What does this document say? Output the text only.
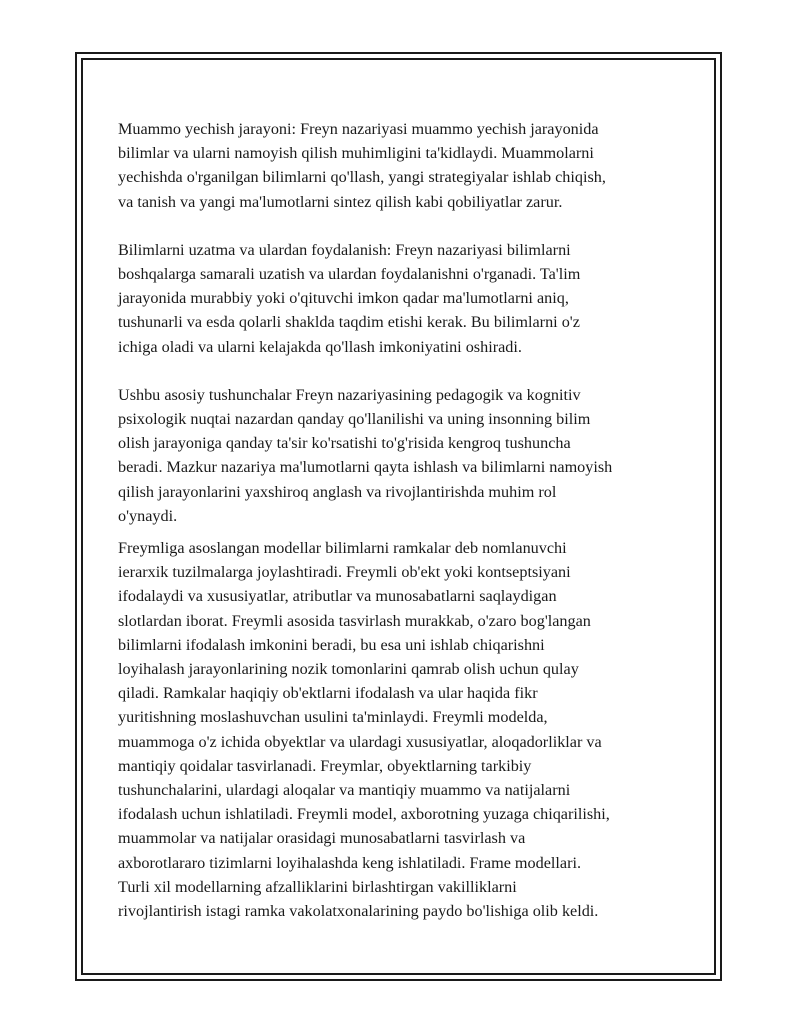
Muammo yechish jarayoni: Freyn nazariyasi muammo yechish jarayonida
bilimlar va ularni namoyish qilish muhimligini ta'kidlaydi. Muammolarni
yechishda o'rganilgan bilimlarni qo'llash, yangi strategiyalar ishlab chiqish,
va tanish va yangi ma'lumotlarni sintez qilish kabi qobiliyatlar zarur.

Bilimlarni uzatma va ulardan foydalanish: Freyn nazariyasi bilimlarni
boshqalarga samarali uzatish va ulardan foydalanishni o'rganadi. Ta'lim
jarayonida murabbiy yoki o'qituvchi imkon qadar ma'lumotlarni aniq,
tushunarli va esda qolarli shaklda taqdim etishi kerak. Bu bilimlarni o'z
ichiga oladi va ularni kelajakda qo'llash imkoniyatini oshiradi.

Ushbu asosiy tushunchalar Freyn nazariyasining pedagogik va kognitiv
psixologik nuqtai nazardan qanday qo'llanilishi va uning insonning bilim
olish jarayoniga qanday ta'sir ko'rsatishi to'g'risida kengroq tushuncha
beradi. Mazkur nazariya ma'lumotlarni qayta ishlash va bilimlarni namoyish
qilish jarayonlarini yaxshiroq anglash va rivojlantirishda muhim rol
o'ynaydi.

Freymliga asoslangan modellar bilimlarni ramkalar deb nomlanuvchi
ierarxik tuzilmalarga joylashtiradi. Freymli ob'ekt yoki kontseptsiyani
ifodalaydi va xususiyatlar, atributlar va munosabatlarni saqlaydigan
slotlardan iborat. Freymli asosida tasvirlash murakkab, o'zaro bog'langan
bilimlarni ifodalash imkonini beradi, bu esa uni ishlab chiqarishni
loyihalash jarayonlarining nozik tomonlarini qamrab olish uchun qulay
qiladi. Ramkalar haqiqiy ob'ektlarni ifodalash va ular haqida fikr
yuritishning moslashuvchan usulini ta'minlaydi. Freymli modelda,
muammoga o'z ichida obyektlar va ulardagi xususiyatlar, aloqadorliklar va
mantiqiy qoidalar tasvirlanadi. Freymlar, obyektlarning tarkibiy
tushunchalarini, ulardagi aloqalar va mantiqiy muammo va natijalarni
ifodalash uchun ishlatiladi. Freymli model, axborotning yuzaga chiqarilishi,
muammolar va natijalar orasidagi munosabatlarni tasvirlash va
axborotlararo tizimlarni loyihalashda keng ishlatiladi. Frame modellari.
Turli xil modellarning afzalliklarini birlashtirgan vakilliklarni
rivojlantirish istagi ramka vakolatxonalarining paydo bo'lishiga olib keldi.
